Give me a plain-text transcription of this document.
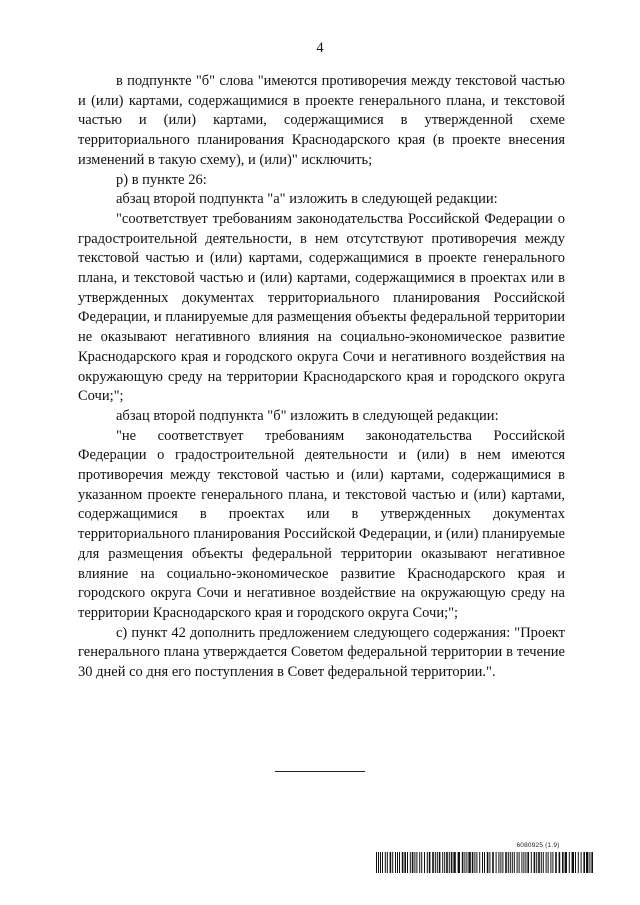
4

в подпункте "б" слова "имеются противоречия между текстовой частью и (или) картами, содержащимися в проекте генерального плана, и текстовой частью и (или) картами, содержащимися в утвержденной схеме территориального планирования Краснодарского края (в проекте внесения изменений в такую схему), и (или)" исключить;

р) в пункте 26:

абзац второй подпункта "а" изложить в следующей редакции:

"соответствует требованиям законодательства Российской Федерации о градостроительной деятельности, в нем отсутствуют противоречия между текстовой частью и (или) картами, содержащимися в проекте генерального плана, и текстовой частью и (или) картами, содержащимися в проектах или в утвержденных документах территориального планирования Российской Федерации, и планируемые для размещения объекты федеральной территории не оказывают негативного влияния на социально-экономическое развитие Краснодарского края и городского округа Сочи и негативного воздействия на окружающую среду на территории Краснодарского края и городского округа Сочи;";

абзац второй подпункта "б" изложить в следующей редакции:

"не соответствует требованиям законодательства Российской Федерации о градостроительной деятельности и (или) в нем имеются противоречия между текстовой частью и (или) картами, содержащимися в указанном проекте генерального плана, и текстовой частью и (или) картами, содержащимися в проектах или в утвержденных документах территориального планирования Российской Федерации, и (или) планируемые для размещения объекты федеральной территории оказывают негативное влияние на социально-экономическое развитие Краснодарского края и городского округа Сочи и негативное воздействие на окружающую среду на территории Краснодарского края и городского округа Сочи;";

с) пункт 42 дополнить предложением следующего содержания: "Проект генерального плана утверждается Советом федеральной территории в течение 30 дней со дня его поступления в Совет федеральной территории.".

6080925 (1.9)
